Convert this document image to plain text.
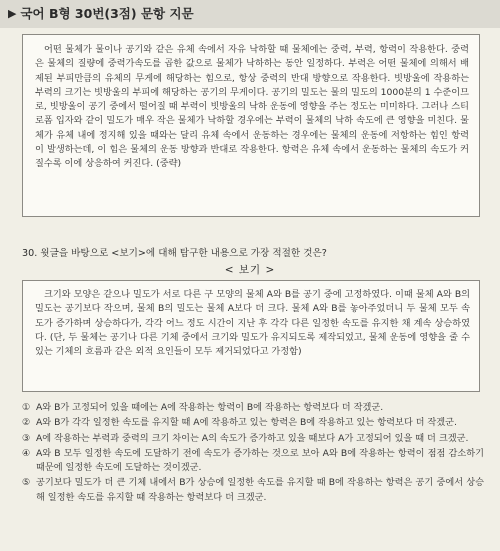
▶ 국어 B형 30번(3점) 문항 지문
어떤 물체가 물이나 공기와 같은 유체 속에서 자유 낙하할 때 물체에는 중력, 부력, 항력이 작용한다. 중력은 물체의 질량에 중력가속도를 곱한 값으로 물체가 낙하하는 동안 일정하다. 부력은 어떤 물체에 의해서 배제된 부피만큼의 유체의 무게에 해당하는 힘으로, 항상 중력의 반대 방향으로 작용한다. 빗방울에 작용하는 부력의 크기는 빗방울의 부피에 해당하는 공기의 무게이다. 공기의 밀도는 물의 밀도의 1000분의 1 수준이므로, 빗방울이 공기 중에서 떨어질 때 부력이 빗방울의 낙하 운동에 영향을 주는 정도는 미미하다. 그러나 스티로폼 입자와 같이 밀도가 매우 작은 물체가 낙하할 경우에는 부력이 물체의 낙하 속도에 큰 영향을 미친다. 물체가 유체 내에 정지해 있을 때와는 달리 유체 속에서 운동하는 경우에는 물체의 운동에 저항하는 힘인 항력이 발생하는데, 이 힘은 물체의 운동 방향과 반대로 작용한다. 항력은 유체 속에서 운동하는 물체의 속도가 커질수록 이에 상응하여 커진다. (중략)
30. 윗글을 바탕으로 <보기>에 대해 탐구한 내용으로 가장 적절한 것은?
< 보기 >
크기와 모양은 같으나 밀도가 서로 다른 구 모양의 물체 A와 B를 공기 중에 고정하였다. 이때 물체 A와 B의 밀도는 공기보다 작으며, 물체 B의 밀도는 물체 A보다 더 크다. 물체 A와 B를 놓아주었더니 두 물체 모두 속도가 증가하며 상승하다가, 각각 어느 정도 시간이 지난 후 각각 다른 일정한 속도를 유지한 채 계속 상승하였다. (단, 두 물체는 공기나 다른 기체 중에서 크기와 밀도가 유지되도록 제작되었고, 물체 운동에 영향을 줄 수 있는 기체의 흐름과 같은 외적 요인들이 모두 제거되었다고 가정함)
① A와 B가 고정되어 있을 때에는 A에 작용하는 항력이 B에 작용하는 항력보다 더 작겠군.
② A와 B가 각각 일정한 속도를 유지할 때 A에 작용하고 있는 항력은 B에 작용하고 있는 항력보다 더 작겠군.
③ A에 작용하는 부력과 중력의 크기 차이는 A의 속도가 증가하고 있을 때보다 A가 고정되어 있을 때 더 크겠군.
④ A와 B 모두 일정한 속도에 도달하기 전에 속도가 증가하는 것으로 보아 A와 B에 작용하는 항력이 점점 감소하기 때문에 일정한 속도에 도달하는 것이겠군.
⑤ 공기보다 밀도가 더 큰 기체 내에서 B가 상승에 일정한 속도를 유지할 때 B에 작용하는 항력은 공기 중에서 상승해 일정한 속도를 유지할 때 작용하는 항력보다 더 크겠군.
